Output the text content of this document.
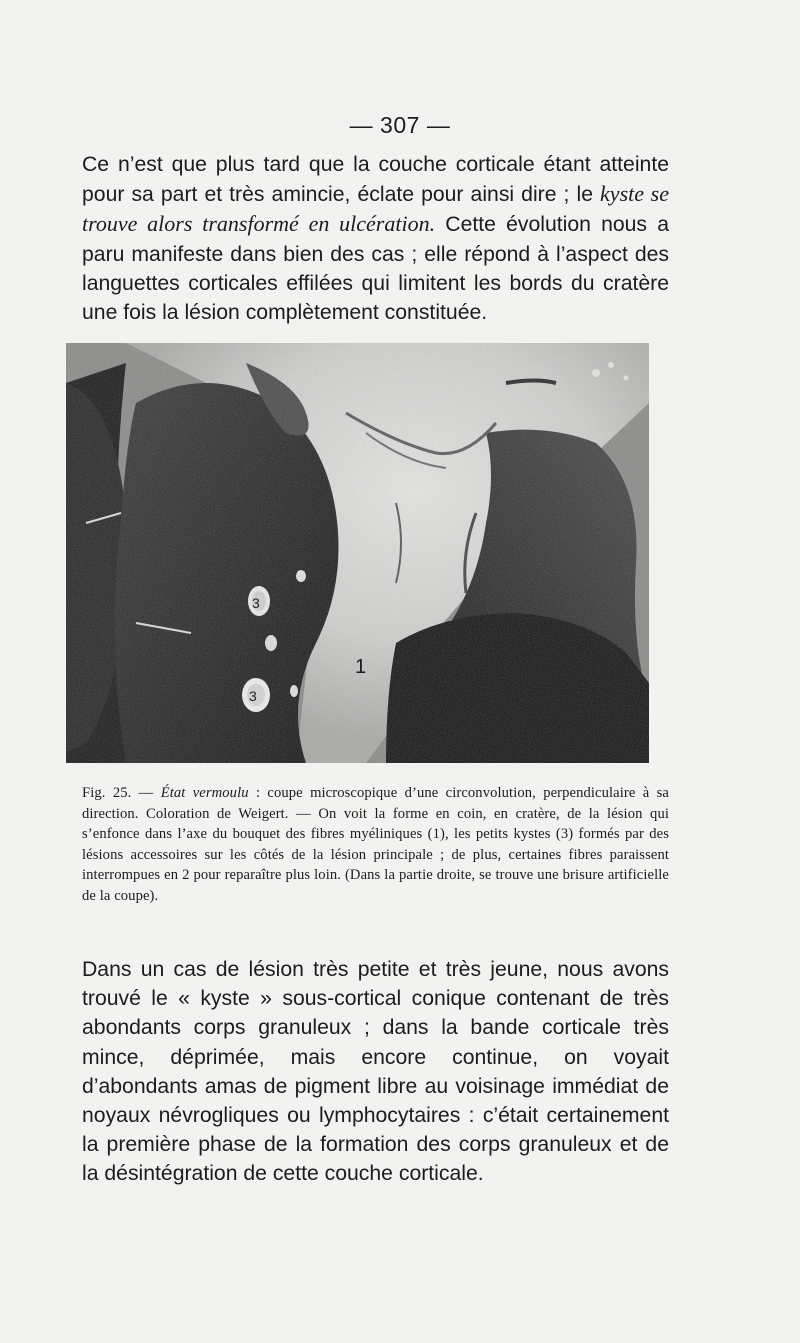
— 307 —

Ce n’est que plus tard que la couche corticale étant atteinte pour sa part et très amincie, éclate pour ainsi dire ; le kyste se trouve alors transformé en ulcération. Cette évolution nous a paru manifeste dans bien des cas ; elle répond à l’aspect des languettes corticales effilées qui limitent les bords du cratère une fois la lésion complètement constituée.

1
3
3

Fig. 25. — État vermoulu : coupe microscopique d’une circonvolution, perpendiculaire à sa direction. Coloration de Weigert. — On voit la forme en coin, en cratère, de la lésion qui s’enfonce dans l’axe du bouquet des fibres myéliniques (1), les petits kystes (3) formés par des lésions accessoires sur les côtés de la lésion principale ; de plus, certaines fibres paraissent interrompues en 2 pour reparaître plus loin. (Dans la partie droite, se trouve une brisure artificielle de la coupe).

Dans un cas de lésion très petite et très jeune, nous avons trouvé le « kyste » sous-cortical conique contenant de très abondants corps granuleux ; dans la bande corticale très mince, déprimée, mais encore continue, on voyait d’abondants amas de pigment libre au voisinage immédiat de noyaux névrogliques ou lymphocytaires : c’était certainement la première phase de la formation des corps granuleux et de la désintégration de cette couche corticale.
